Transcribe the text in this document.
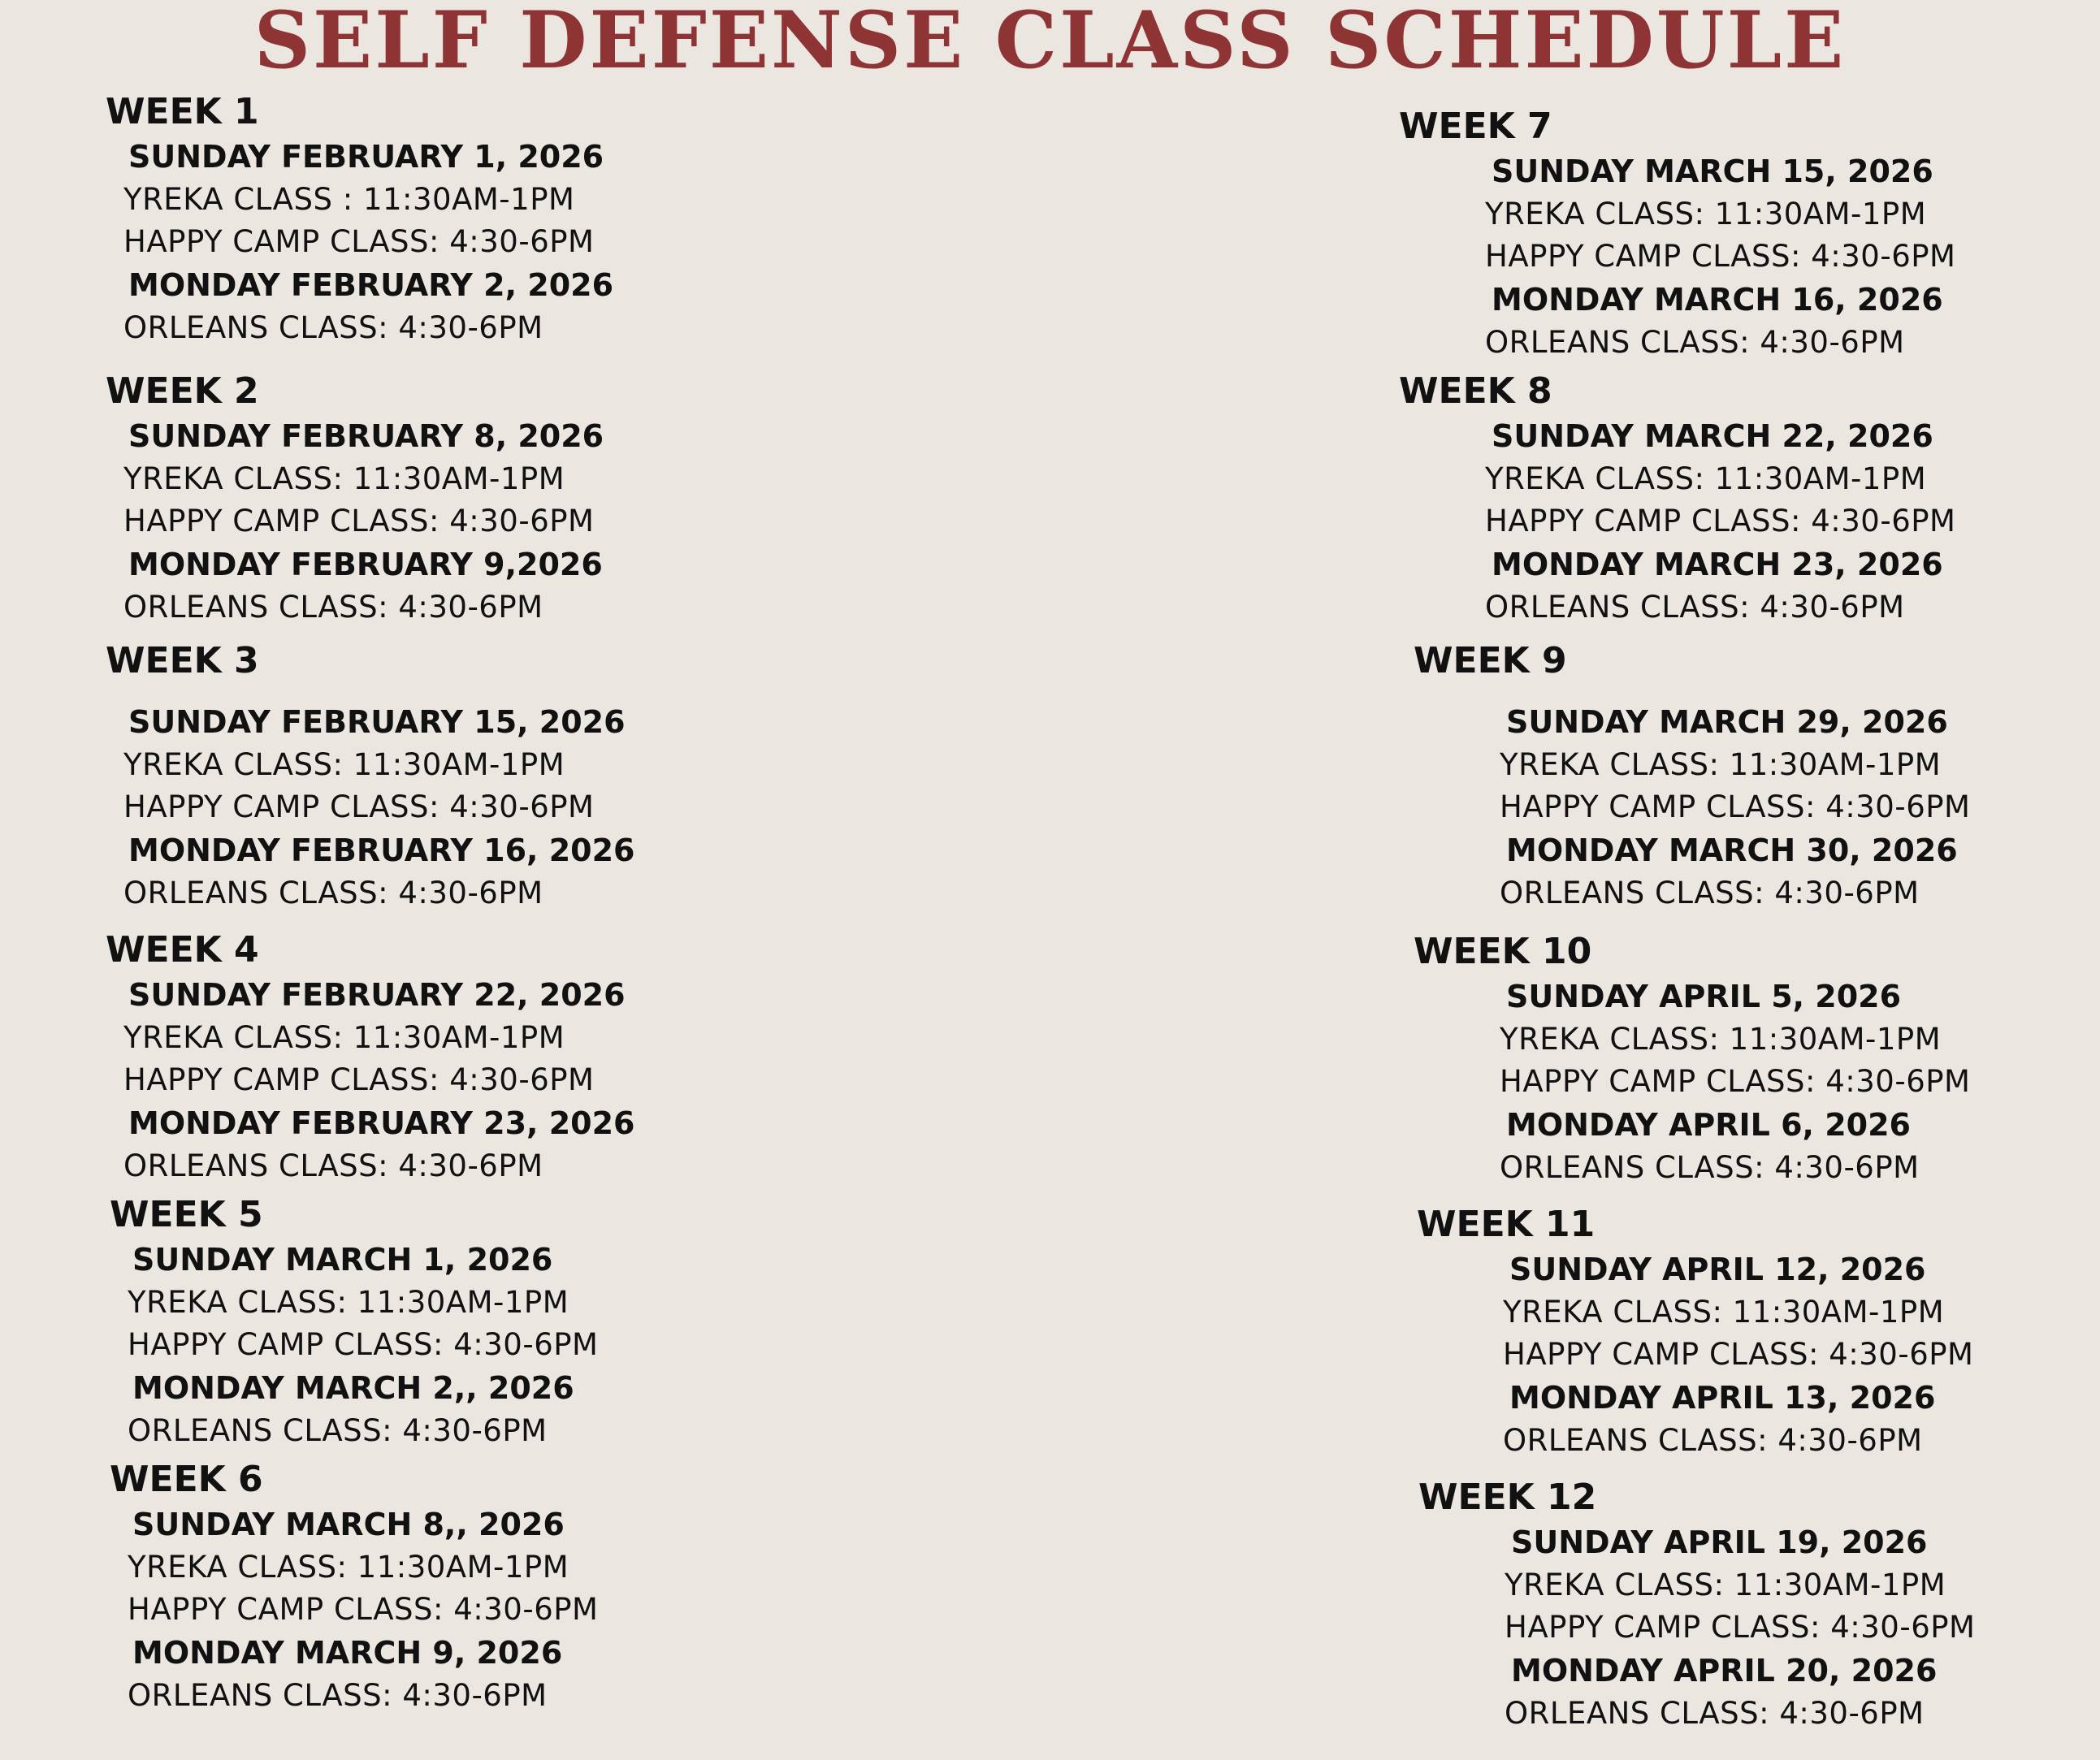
SELF DEFENSE CLASS SCHEDULE
WEEK 1
SUNDAY FEBRUARY 1, 2026
YREKA CLASS : 11:30AM-1PM
HAPPY CAMP CLASS: 4:30-6PM
MONDAY FEBRUARY 2, 2026
ORLEANS CLASS: 4:30-6PM
WEEK 2
SUNDAY FEBRUARY 8, 2026
YREKA CLASS: 11:30AM-1PM
HAPPY CAMP CLASS: 4:30-6PM
MONDAY FEBRUARY 9,2026
ORLEANS CLASS: 4:30-6PM
WEEK 3
SUNDAY FEBRUARY 15, 2026
YREKA CLASS: 11:30AM-1PM
HAPPY CAMP CLASS: 4:30-6PM
MONDAY FEBRUARY 16, 2026
ORLEANS CLASS: 4:30-6PM
WEEK 4
SUNDAY FEBRUARY 22, 2026
YREKA CLASS: 11:30AM-1PM
HAPPY CAMP CLASS: 4:30-6PM
MONDAY FEBRUARY 23, 2026
ORLEANS CLASS: 4:30-6PM
WEEK 5
SUNDAY MARCH 1, 2026
YREKA CLASS: 11:30AM-1PM
HAPPY CAMP CLASS: 4:30-6PM
MONDAY MARCH 2,, 2026
ORLEANS CLASS: 4:30-6PM
WEEK 6
SUNDAY MARCH 8,, 2026
YREKA CLASS: 11:30AM-1PM
HAPPY CAMP CLASS: 4:30-6PM
MONDAY MARCH 9, 2026
ORLEANS CLASS: 4:30-6PM
WEEK 7
SUNDAY MARCH 15, 2026
YREKA CLASS: 11:30AM-1PM
HAPPY CAMP CLASS: 4:30-6PM
MONDAY MARCH 16, 2026
ORLEANS CLASS: 4:30-6PM
WEEK 8
SUNDAY MARCH 22, 2026
YREKA CLASS: 11:30AM-1PM
HAPPY CAMP CLASS: 4:30-6PM
MONDAY MARCH 23, 2026
ORLEANS CLASS: 4:30-6PM
WEEK 9
SUNDAY MARCH 29, 2026
YREKA CLASS: 11:30AM-1PM
HAPPY CAMP CLASS: 4:30-6PM
MONDAY MARCH 30, 2026
ORLEANS CLASS: 4:30-6PM
WEEK 10
SUNDAY APRIL 5, 2026
YREKA CLASS: 11:30AM-1PM
HAPPY CAMP CLASS: 4:30-6PM
MONDAY APRIL 6, 2026
ORLEANS CLASS: 4:30-6PM
WEEK 11
SUNDAY APRIL 12, 2026
YREKA CLASS: 11:30AM-1PM
HAPPY CAMP CLASS: 4:30-6PM
MONDAY APRIL 13, 2026
ORLEANS CLASS: 4:30-6PM
WEEK 12
SUNDAY APRIL 19, 2026
YREKA CLASS: 11:30AM-1PM
HAPPY CAMP CLASS: 4:30-6PM
MONDAY APRIL 20, 2026
ORLEANS CLASS: 4:30-6PM
